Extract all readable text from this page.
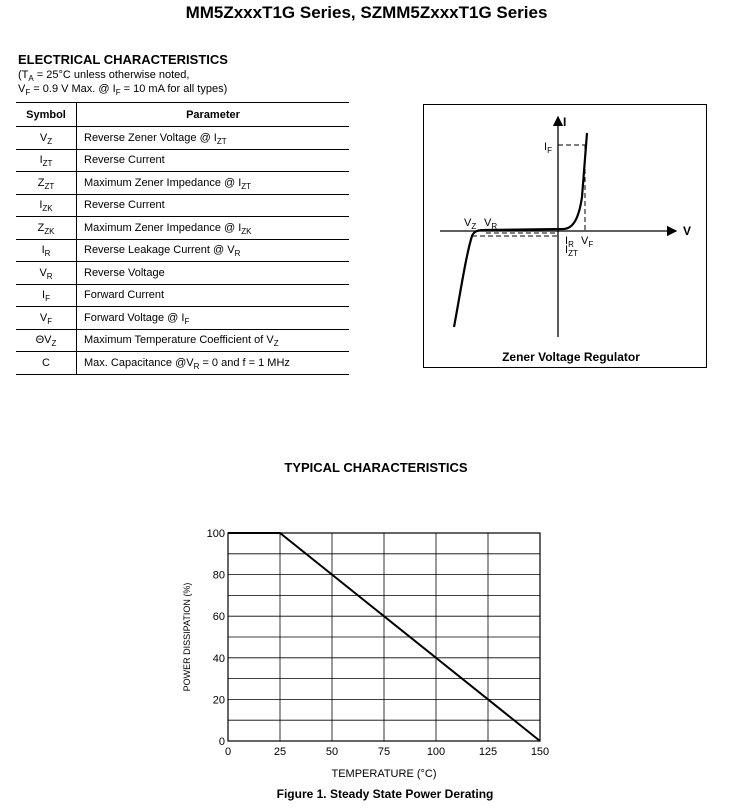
MM5ZxxxT1G Series, SZMM5ZxxxT1G Series
ELECTRICAL CHARACTERISTICS
($T_A = 25^\circ C$ unless otherwise noted,
$V_F = 0.9$ V Max. @ $I_F = 10$ mA for all types)
Symbol	Parameter
$V_Z$	Reverse Zener Voltage @ $I_{ZT}$
$I_{ZT}$	Reverse Current
$Z_{ZT}$	Maximum Zener Impedance @ $I_{ZT}$
$I_{ZK}$	Reverse Current
$Z_{ZK}$	Maximum Zener Impedance @ $I_{ZK}$
$I_R$	Reverse Leakage Current @ $V_R$
$V_R$	Reverse Voltage
$I_F$	Forward Current
$V_F$	Forward Voltage @ $I_F$
$\Theta V_Z$	Maximum Temperature Coefficient of $V_Z$
C	Max. Capacitance $@V_R = 0$ and f = 1 MHz
I
V
$I_F$
$V_Z$ $V_R$
$I_R$
$I_{ZT}$
$V_F$
Zener Voltage Regulator
TYPICAL CHARACTERISTICS
0	25	50	75	100	125	150
0
20
40
60
80
100
TEMPERATURE (°C)
POWER DISSIPATION (%)
Figure 1. Steady State Power Derating
